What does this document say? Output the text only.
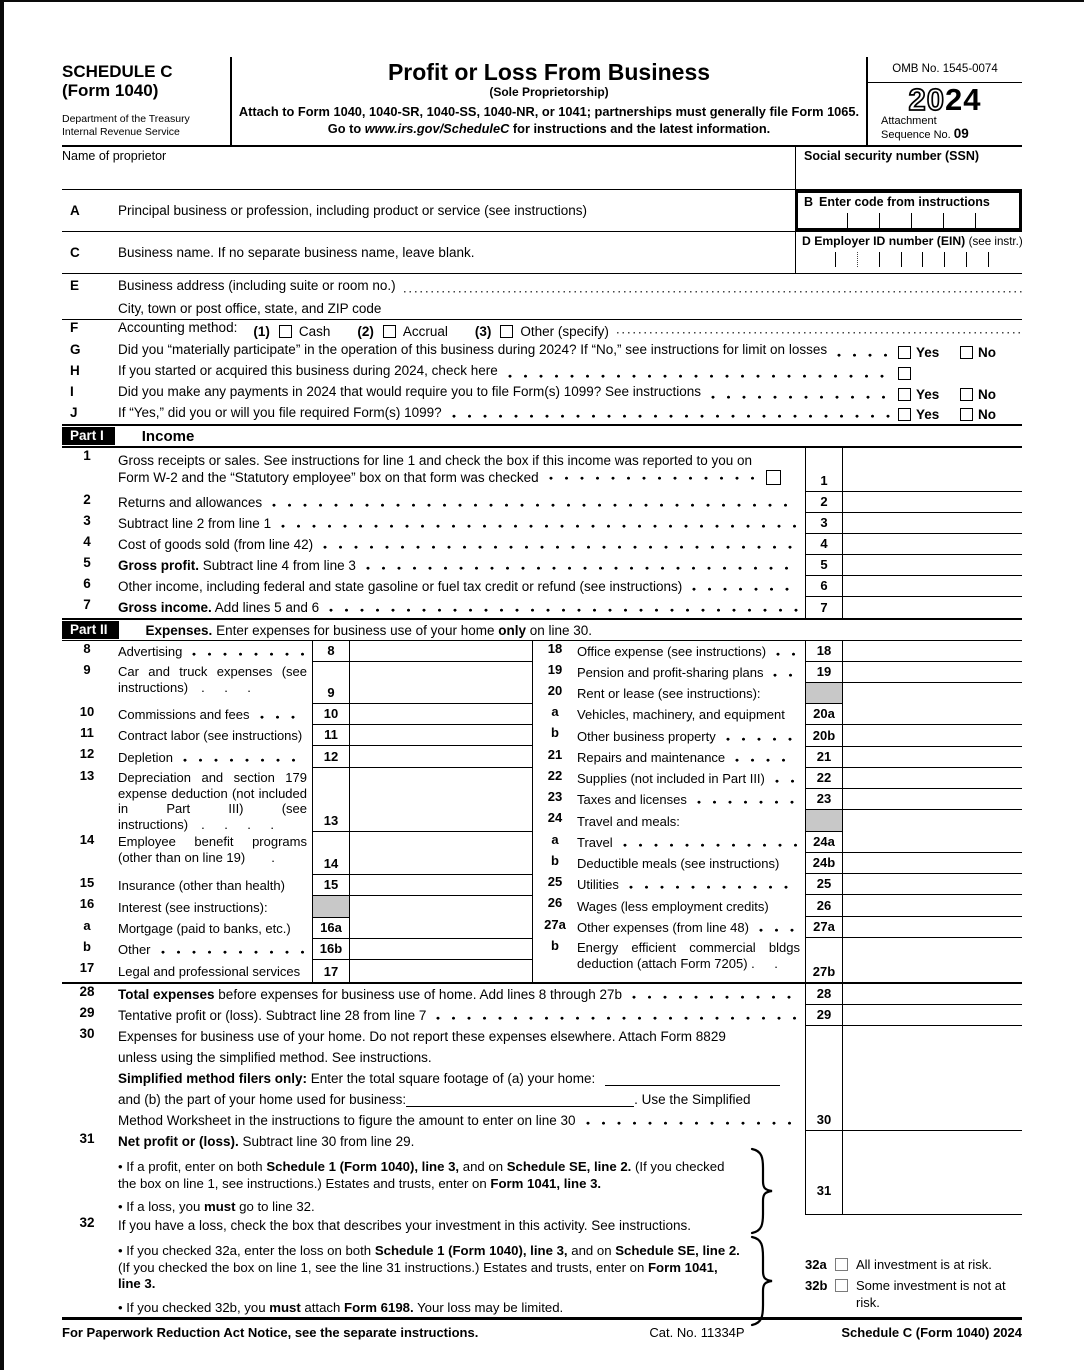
SCHEDULE C
(Form 1040)
Department of the Treasury
Internal Revenue Service
Profit or Loss From Business
(Sole Proprietorship)
Attach to Form 1040, 1040-SR, 1040-SS, 1040-NR, or 1041; partnerships must generally file Form 1065.
Go to www.irs.gov/ScheduleC for instructions and the latest information.
OMB No. 1545-0074
2024
Attachment
Sequence No. 09
Name of proprietor	Social security number (SSN)
A	Principal business or profession, including product or service (see instructions)
B Enter code from instructions
C	Business name. If no separate business name, leave blank.
D Employer ID number (EIN) (see instr.)
E	Business address (including suite or room no.)
City, town or post office, state, and ZIP code
F	Accounting method: (1) Cash (2) Accrual (3) Other (specify)
G	Did you “materially participate” in the operation of this business during 2024? If “No,” see instructions for limit on losses	Yes	No
H	If you started or acquired this business during 2024, check here
I	Did you make any payments in 2024 that would require you to file Form(s) 1099? See instructions	Yes	No
J	If “Yes,” did you or will you file required Form(s) 1099?	Yes	No
Part I	Income
1	Gross receipts or sales. See instructions for line 1 and check the box if this income was reported to you on
Form W-2 and the “Statutory employee” box on that form was checked	1
2	Returns and allowances	2
3	Subtract line 2 from line 1	3
4	Cost of goods sold (from line 42)	4
5	Gross profit. Subtract line 4 from line 3	5
6	Other income, including federal and state gasoline or fuel tax credit or refund (see instructions)	6
7	Gross income. Add lines 5 and 6	7
Part II	Expenses. Enter expenses for business use of your home only on line 30.
8	Advertising	8
9	Car and truck expenses (see instructions)  .   .   .	9
10	Commissions and fees	10
11	Contract labor (see instructions)	11
12	Depletion	12
13	Depreciation and section 179 expense deduction (not included in Part III) (see instructions)  .   .   .   .	13
14	Employee benefit programs (other than on line 19)    .	14
15	Insurance (other than health)	15
16	Interest (see instructions):
a	Mortgage (paid to banks, etc.)	16a
b	Other	16b
17	Legal and professional services	17
18	Office expense (see instructions)	18
19	Pension and profit-sharing plans	19
20	Rent or lease (see instructions):
a	Vehicles, machinery, and equipment	20a
b	Other business property	20b
21	Repairs and maintenance	21
22	Supplies (not included in Part III)	22
23	Taxes and licenses	23
24	Travel and meals:
a	Travel	24a
b	Deductible meals (see instructions)	24b
25	Utilities	25
26	Wages (less employment credits)	26
27a Other expenses (from line 48)	27a
b	Energy efficient commercial bldgs deduction (attach Form 7205) .   .
27b
28	Total expenses before expenses for business use of home. Add lines 8 through 27b	28
29	Tentative profit or (loss). Subtract line 28 from line 7	29
30	Expenses for business use of your home. Do not report these expenses elsewhere. Attach Form 8829
unless using the simplified method. See instructions.
Simplified method filers only: Enter the total square footage of (a) your home:
and (b) the part of your home used for business:	. Use the Simplified
Method Worksheet in the instructions to figure the amount to enter on line 30	30
31	Net profit or (loss). Subtract line 30 from line 29.
• If a profit, enter on both Schedule 1 (Form 1040), line 3, and on Schedule SE, line 2. (If you checked the box on line 1, see instructions.) Estates and trusts, enter on Form 1041, line 3.
• If a loss, you must go to line 32.
31
32	If you have a loss, check the box that describes your investment in this activity. See instructions.
• If you checked 32a, enter the loss on both Schedule 1 (Form 1040), line 3, and on Schedule SE, line 2. (If you checked the box on line 1, see the line 31 instructions.) Estates and trusts, enter on Form 1041, line 3.
• If you checked 32b, you must attach Form 6198. Your loss may be limited.
32a	All investment is at risk.
32b	Some investment is not at risk.
For Paperwork Reduction Act Notice, see the separate instructions.	Cat. No. 11334P	Schedule C (Form 1040) 2024
